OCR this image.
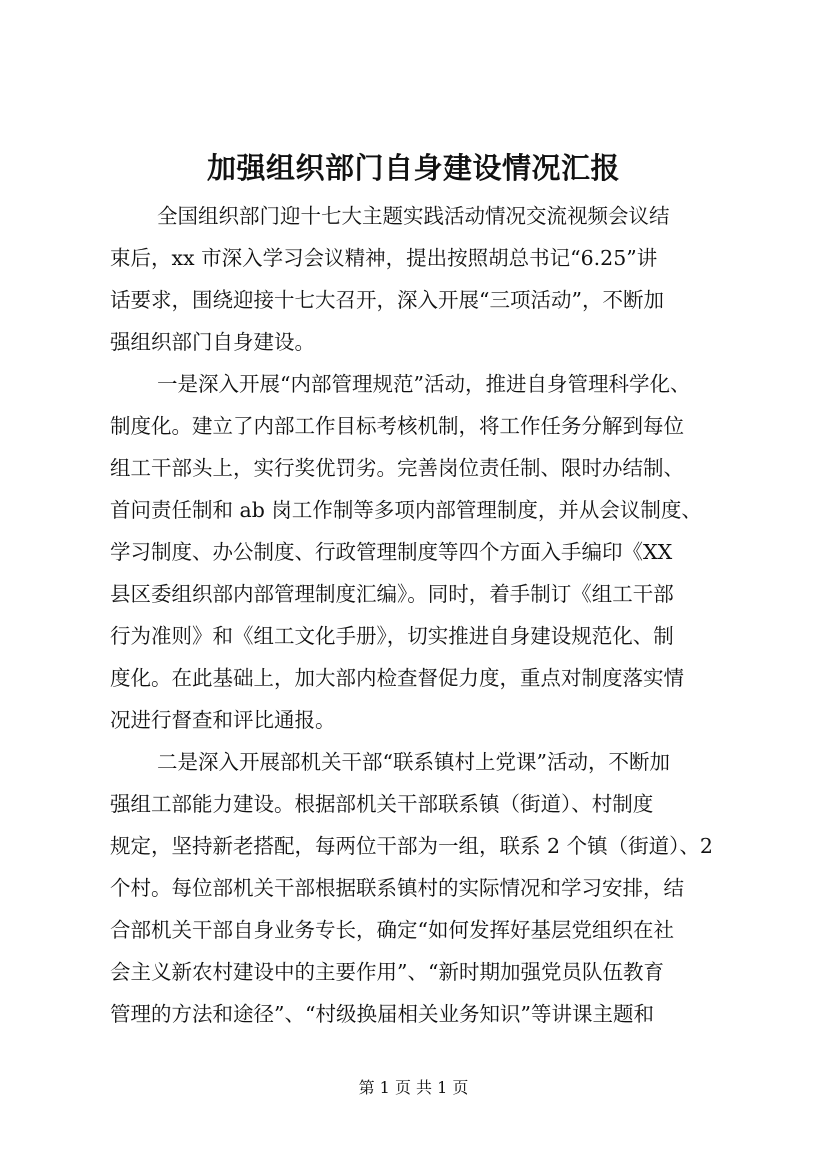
加强组织部门自身建设情况汇报
全国组织部门迎十七大主题实践活动情况交流视频会议结
束后，xx 市深入学习会议精神，提出按照胡总书记“6.25”讲
话要求，围绕迎接十七大召开，深入开展“三项活动”，不断加
强组织部门自身建设。
一是深入开展“内部管理规范”活动，推进自身管理科学化、
制度化。建立了内部工作目标考核机制，将工作任务分解到每位
组工干部头上，实行奖优罚劣。完善岗位责任制、限时办结制、
首问责任制和 ab 岗工作制等多项内部管理制度，并从会议制度、
学习制度、办公制度、行政管理制度等四个方面入手编印《XX
县区委组织部内部管理制度汇编》。同时，着手制订《组工干部
行为准则》和《组工文化手册》，切实推进自身建设规范化、制
度化。在此基础上，加大部内检查督促力度，重点对制度落实情
况进行督查和评比通报。
二是深入开展部机关干部“联系镇村上党课”活动，不断加
强组工部能力建设。根据部机关干部联系镇（街道）、村制度
规定，坚持新老搭配，每两位干部为一组，联系 2 个镇（街道）、2
个村。每位部机关干部根据联系镇村的实际情况和学习安排，结
合部机关干部自身业务专长，确定“如何发挥好基层党组织在社
会主义新农村建设中的主要作用”、“新时期加强党员队伍教育
管理的方法和途径”、“村级换届相关业务知识”等讲课主题和
第 1 页 共 1 页
